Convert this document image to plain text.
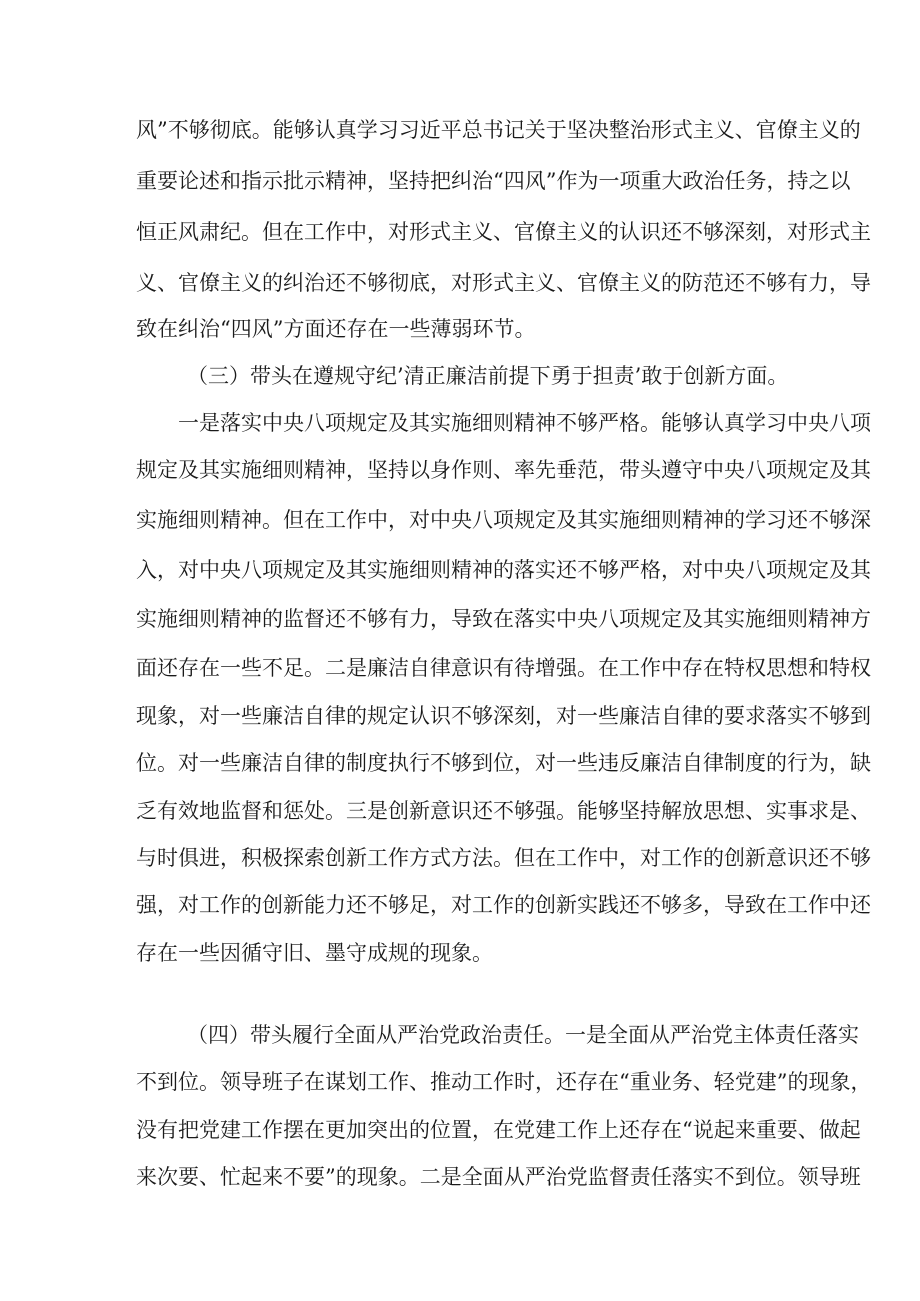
风”不够彻底。能够认真学习习近平总书记关于坚决整治形式主义、官僚主义的
重要论述和指示批示精神，坚持把纠治“四风”作为一项重大政治任务，持之以
恒正风肃纪。但在工作中，对形式主义、官僚主义的认识还不够深刻，对形式主
义、官僚主义的纠治还不够彻底，对形式主义、官僚主义的防范还不够有力，导
致在纠治“四风”方面还存在一些薄弱环节。
（三）带头在遵规守纪’清正廉洁前提下勇于担责’敢于创新方面。
一是落实中央八项规定及其实施细则精神不够严格。能够认真学习中央八项
规定及其实施细则精神，坚持以身作则、率先垂范，带头遵守中央八项规定及其
实施细则精神。但在工作中，对中央八项规定及其实施细则精神的学习还不够深
入，对中央八项规定及其实施细则精神的落实还不够严格，对中央八项规定及其
实施细则精神的监督还不够有力，导致在落实中央八项规定及其实施细则精神方
面还存在一些不足。二是廉洁自律意识有待增强。在工作中存在特权思想和特权
现象，对一些廉洁自律的规定认识不够深刻，对一些廉洁自律的要求落实不够到
位。对一些廉洁自律的制度执行不够到位，对一些违反廉洁自律制度的行为，缺
乏有效地监督和惩处。三是创新意识还不够强。能够坚持解放思想、实事求是、
与时俱进，积极探索创新工作方式方法。但在工作中，对工作的创新意识还不够
强，对工作的创新能力还不够足，对工作的创新实践还不够多，导致在工作中还
存在一些因循守旧、墨守成规的现象。
（四）带头履行全面从严治党政治责任。一是全面从严治党主体责任落实
不到位。领导班子在谋划工作、推动工作时，还存在“重业务、轻党建”的现象，
没有把党建工作摆在更加突出的位置，在党建工作上还存在“说起来重要、做起
来次要、忙起来不要”的现象。二是全面从严治党监督责任落实不到位。领导班
